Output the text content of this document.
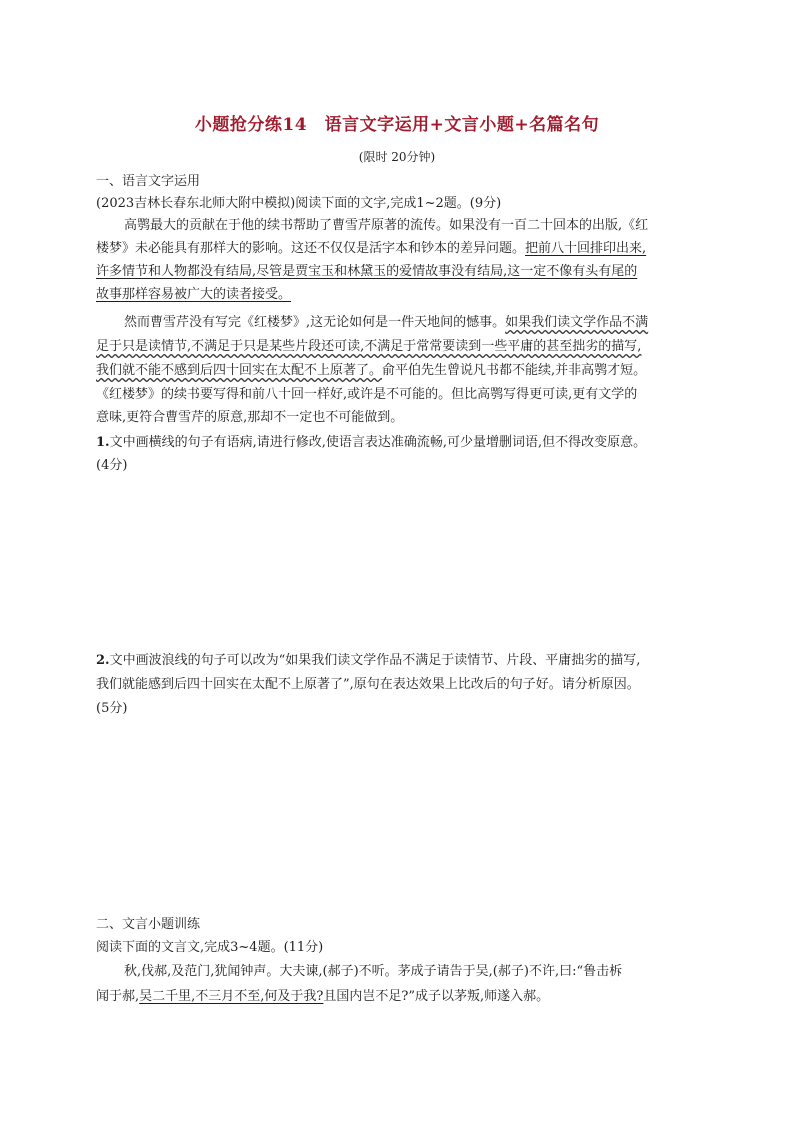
小题抢分练14　语言文字运用+文言小题+名篇名句
(限时 20分钟)
一、语言文字运用
(2023吉林长春东北师大附中模拟)阅读下面的文字,完成1~2题。(9分)
高鹗最大的贡献在于他的续书帮助了曹雪芹原著的流传。如果没有一百二十回本的出版,《红
楼梦》未必能具有那样大的影响。这还不仅仅是活字本和钞本的差异问题。把前八十回排印出来,
许多情节和人物都没有结局,尽管是贾宝玉和林黛玉的爱情故事没有结局,这一定不像有头有尾的
故事那样容易被广大的读者接受。
然而曹雪芹没有写完《红楼梦》,这无论如何是一件天地间的憾事。如果我们读文学作品不满
足于只是读情节,不满足于只是某些片段还可读,不满足于常常要读到一些平庸的甚至拙劣的描写,
我们就不能不感到后四十回实在太配不上原著了。俞平伯先生曾说凡书都不能续,并非高鹗才短。
《红楼梦》的续书要写得和前八十回一样好,或许是不可能的。但比高鹗写得更可读,更有文学的
意味,更符合曹雪芹的原意,那却不一定也不可能做到。
1.文中画横线的句子有语病,请进行修改,使语言表达准确流畅,可少量增删词语,但不得改变原意。
(4分)
2.文中画波浪线的句子可以改为“如果我们读文学作品不满足于读情节、片段、平庸拙劣的描写,
我们就能感到后四十回实在太配不上原著了”,原句在表达效果上比改后的句子好。请分析原因。
(5分)
二、文言小题训练
阅读下面的文言文,完成3~4题。(11分)
秋,伐郝,及范门,犹闻钟声。大夫谏,(郝子)不听。茅成子请告于吴,(郝子)不许,曰:“鲁击柝
闻于郝,吴二千里,不三月不至,何及于我?且国内岂不足?”成子以茅叛,师遂入郝。
